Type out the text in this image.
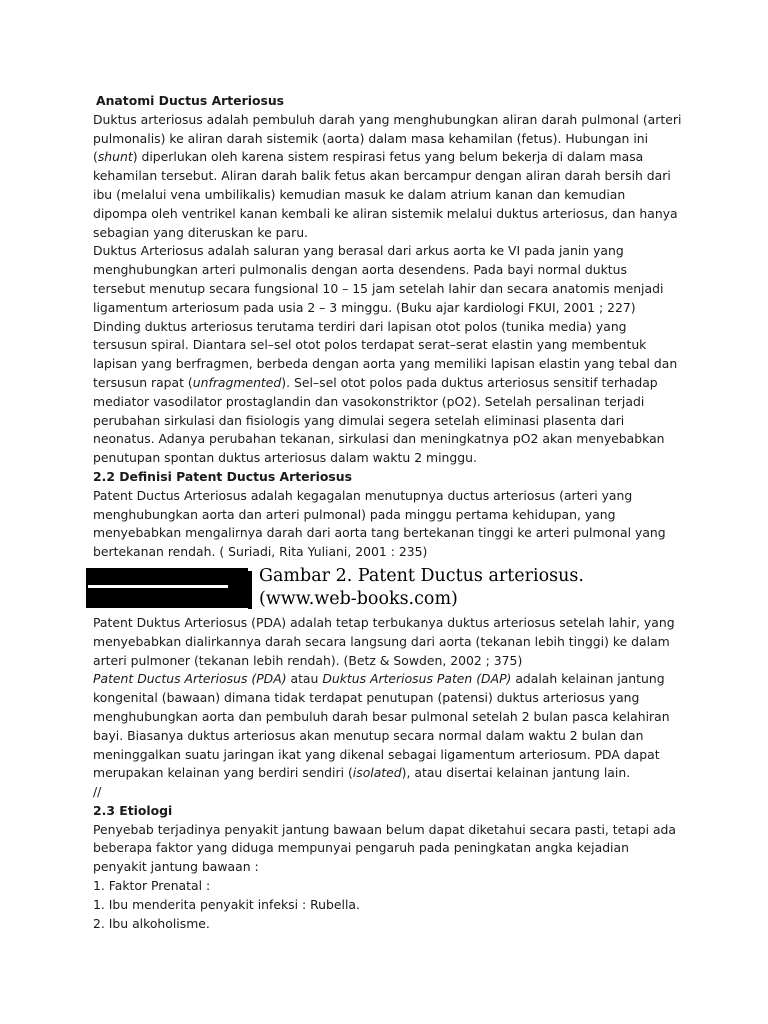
Anatomi Ductus Arteriosus

Duktus arteriosus adalah pembuluh darah yang menghubungkan aliran darah pulmonal (arteri pulmonalis) ke aliran darah sistemik (aorta) dalam masa kehamilan (fetus). Hubungan ini (shunt) diperlukan oleh karena sistem respirasi fetus yang belum bekerja di dalam masa kehamilan tersebut. Aliran darah balik fetus akan bercampur dengan aliran darah bersih dari ibu (melalui vena umbilikalis) kemudian masuk ke dalam atrium kanan dan kemudian dipompa oleh ventrikel kanan kembali ke aliran sistemik melalui duktus arteriosus, dan hanya sebagian yang diteruskan ke paru.

Duktus Arteriosus adalah saluran yang berasal dari arkus aorta ke VI pada janin yang menghubungkan arteri pulmonalis dengan aorta desendens. Pada bayi normal duktus tersebut menutup secara fungsional 10 – 15 jam setelah lahir dan secara anatomis menjadi ligamentum arteriosum pada usia 2 – 3 minggu. (Buku ajar kardiologi FKUI, 2001 ; 227)

Dinding duktus arteriosus terutama terdiri dari lapisan otot polos (tunika media) yang tersusun spiral. Diantara sel–sel otot polos terdapat serat–serat elastin yang membentuk lapisan yang berfragmen, berbeda dengan aorta yang memiliki lapisan elastin yang tebal dan tersusun rapat (unfragmented). Sel–sel otot polos pada duktus arteriosus sensitif terhadap mediator vasodilator prostaglandin dan vasokonstriktor (pO2). Setelah persalinan terjadi perubahan sirkulasi dan fisiologis yang dimulai segera setelah eliminasi plasenta dari neonatus. Adanya perubahan tekanan, sirkulasi dan meningkatnya pO2 akan menyebabkan penutupan spontan duktus arteriosus dalam waktu 2 minggu.

2.2 Definisi Patent Ductus Arteriosus

Patent Ductus Arteriosus adalah kegagalan menutupnya ductus arteriosus (arteri yang menghubungkan aorta dan arteri pulmonal) pada minggu pertama kehidupan, yang menyebabkan mengalirnya darah dari aorta tang bertekanan tinggi ke arteri pulmonal yang bertekanan rendah. ( Suriadi, Rita Yuliani, 2001 : 235)

Gambar 2. Patent Ductus arteriosus.
(www.web-books.com)

Patent Duktus Arteriosus (PDA) adalah tetap terbukanya duktus arteriosus setelah lahir, yang menyebabkan dialirkannya darah secara langsung dari aorta (tekanan lebih tinggi) ke dalam arteri pulmoner (tekanan lebih rendah). (Betz & Sowden, 2002 ; 375)

Patent Ductus Arteriosus (PDA) atau Duktus Arteriosus Paten (DAP) adalah kelainan jantung kongenital (bawaan) dimana tidak terdapat penutupan (patensi) duktus arteriosus yang menghubungkan aorta dan pembuluh darah besar pulmonal setelah 2 bulan pasca kelahiran bayi. Biasanya duktus arteriosus akan menutup secara normal dalam waktu 2 bulan dan meninggalkan suatu jaringan ikat yang dikenal sebagai ligamentum arteriosum. PDA dapat merupakan kelainan yang berdiri sendiri (isolated), atau disertai kelainan jantung lain.

//

2.3 Etiologi

Penyebab terjadinya penyakit jantung bawaan belum dapat diketahui secara pasti, tetapi ada beberapa faktor yang diduga mempunyai pengaruh pada peningkatan angka kejadian penyakit jantung bawaan :

1. Faktor Prenatal :

1. Ibu menderita penyakit infeksi : Rubella.

2. Ibu alkoholisme.
